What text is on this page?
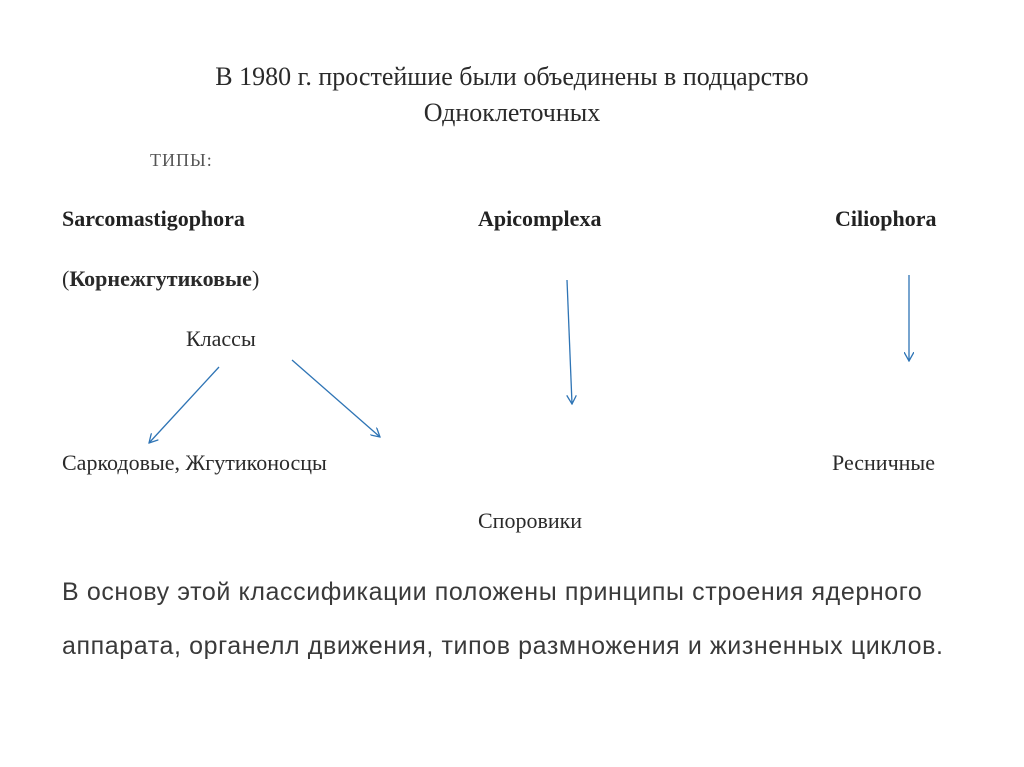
В 1980 г. простейшие были объединены в подцарство
Одноклеточных
ТИПЫ:
Sarcomastigophora	Apicomplexa	Ciliophora
(Корнежгутиковые)
Классы
Саркодовые, Жгутиконосцы	Ресничные
Споровики
В основу этой классификации положены принципы строения ядерного аппарата, органелл движения, типов размножения и жизненных циклов.
